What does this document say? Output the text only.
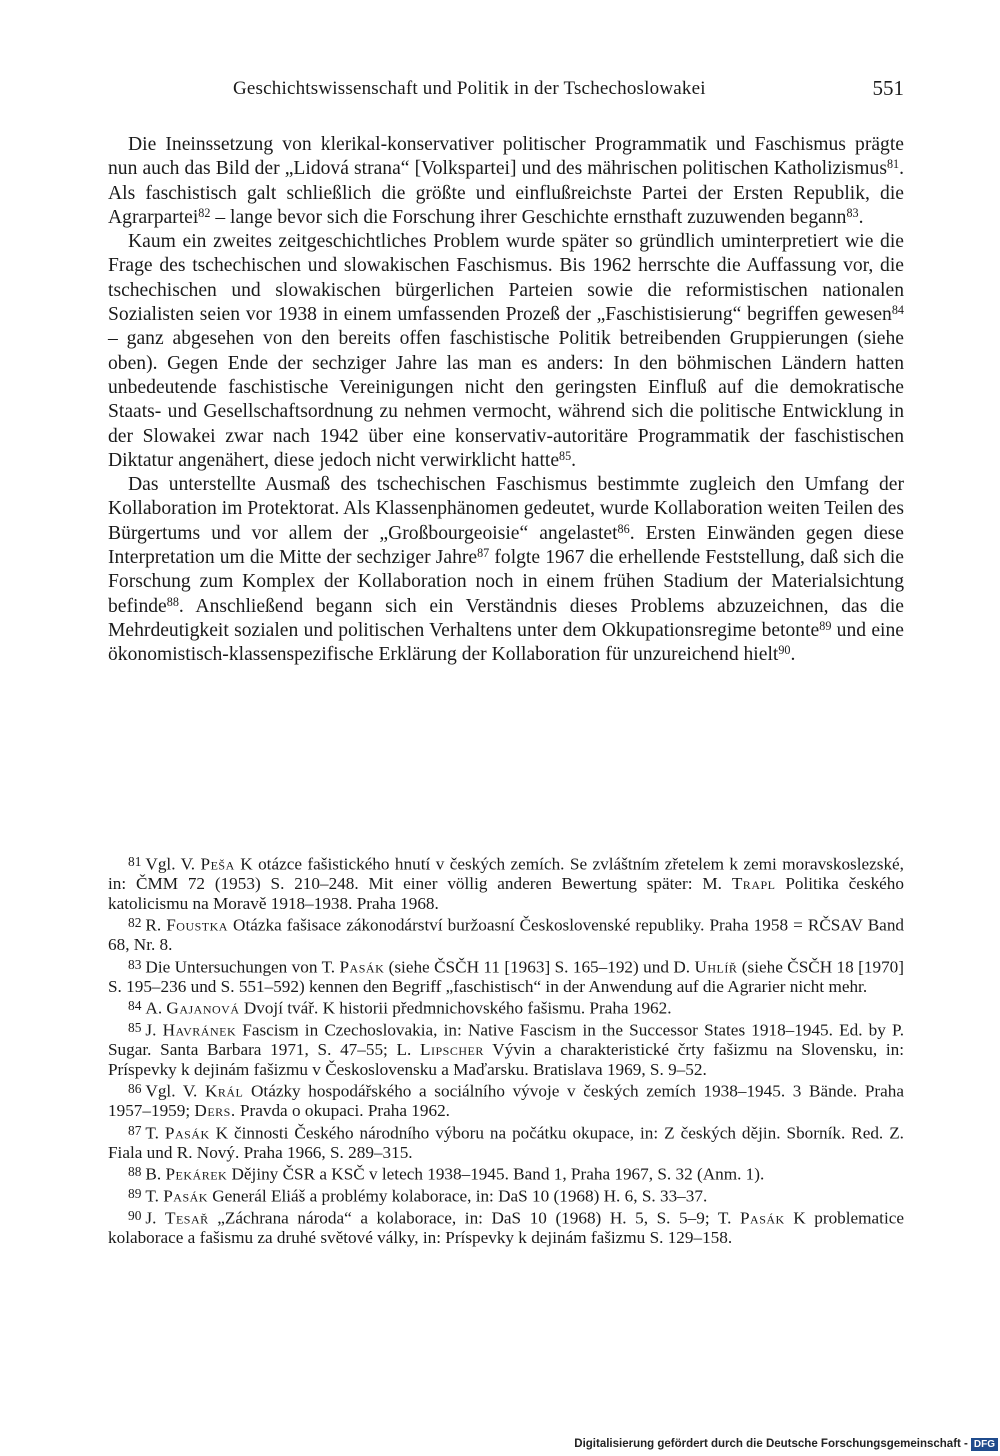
Geschichtswissenschaft und Politik in der Tschechoslowakei	551

Die Ineinssetzung von klerikal-konservativer politischer Programmatik und Faschismus prägte nun auch das Bild der „Lidová strana“ [Volkspartei] und des mährischen politischen Katholizismus$^{81}$. Als faschistisch galt schließlich die größte und einflußreichste Partei der Ersten Republik, die Agrarpartei$^{82}$ – lange bevor sich die Forschung ihrer Geschichte ernsthaft zuzuwenden begann$^{83}$.

Kaum ein zweites zeitgeschichtliches Problem wurde später so gründlich uminterpretiert wie die Frage des tschechischen und slowakischen Faschismus. Bis 1962 herrschte die Auffassung vor, die tschechischen und slowakischen bürgerlichen Parteien sowie die reformistischen nationalen Sozialisten seien vor 1938 in einem umfassenden Prozeß der „Faschistisierung“ begriffen gewesen$^{84}$ – ganz abgesehen von den bereits offen faschistische Politik betreibenden Gruppierungen (siehe oben). Gegen Ende der sechziger Jahre las man es anders: In den böhmischen Ländern hatten unbedeutende faschistische Vereinigungen nicht den geringsten Einfluß auf die demokratische Staats- und Gesellschaftsordnung zu nehmen vermocht, während sich die politische Entwicklung in der Slowakei zwar nach 1942 über eine konservativ-autoritäre Programmatik der faschistischen Diktatur angenähert, diese jedoch nicht verwirklicht hatte$^{85}$.

Das unterstellte Ausmaß des tschechischen Faschismus bestimmte zugleich den Umfang der Kollaboration im Protektorat. Als Klassenphänomen gedeutet, wurde Kollaboration weiten Teilen des Bürgertums und vor allem der „Großbourgeoisie“ angelastet$^{86}$. Ersten Einwänden gegen diese Interpretation um die Mitte der sechziger Jahre$^{87}$ folgte 1967 die erhellende Feststellung, daß sich die Forschung zum Komplex der Kollaboration noch in einem frühen Stadium der Materialsichtung befinde$^{88}$. Anschließend begann sich ein Verständnis dieses Problems abzuzeichnen, das die Mehrdeutigkeit sozialen und politischen Verhaltens unter dem Okkupationsregime betonte$^{89}$ und eine ökonomistisch-klassenspezifische Erklärung der Kollaboration für unzureichend hielt$^{90}$.

81 Vgl. V. Peša K otázce fašistického hnutí v českých zemích. Se zvláštním zřetelem k zemi moravskoslezské, in: ČMM 72 (1953) S. 210–248. Mit einer völlig anderen Bewertung später: M. Trapl Politika českého katolicismu na Moravě 1918–1938. Praha 1968.

82 R. Foustka Otázka fašisace zákonodárství buržoasní Československé republiky. Praha 1958 = RČSAV Band 68, Nr. 8.

83 Die Untersuchungen von T. Pasák (siehe ČSČH 11 [1963] S. 165–192) und D. Uhlíř (siehe ČSČH 18 [1970] S. 195–236 und S. 551–592) kennen den Begriff „faschistisch“ in der Anwendung auf die Agrarier nicht mehr.

84 A. Gajanová Dvojí tvář. K historii předmnichovského fašismu. Praha 1962.

85 J. Havránek Fascism in Czechoslovakia, in: Native Fascism in the Successor States 1918–1945. Ed. by P. Sugar. Santa Barbara 1971, S. 47–55; L. Lipscher Vývin a charakteristické črty fašizmu na Slovensku, in: Príspevky k dejinám fašizmu v Československu a Maďarsku. Bratislava 1969, S. 9–52.

86 Vgl. V. Král Otázky hospodářského a sociálního vývoje v českých zemích 1938–1945. 3 Bände. Praha 1957–1959; Ders. Pravda o okupaci. Praha 1962.

87 T. Pasák K činnosti Českého národního výboru na počátku okupace, in: Z českých dějin. Sborník. Red. Z. Fiala und R. Nový. Praha 1966, S. 289–315.

88 B. Pekárek Dějiny ČSR a KSČ v letech 1938–1945. Band 1, Praha 1967, S. 32 (Anm. 1).

89 T. Pasák Generál Eliáš a problémy kolaborace, in: DaS 10 (1968) H. 6, S. 33–37.

90 J. Tesař „Záchrana národa“ a kolaborace, in: DaS 10 (1968) H. 5, S. 5–9; T. Pasák K problematice kolaborace a fašismu za druhé světové války, in: Príspevky k dejinám fašizmu S. 129–158.

Digitalisierung gefördert durch die Deutsche Forschungsgemeinschaft - DFG
